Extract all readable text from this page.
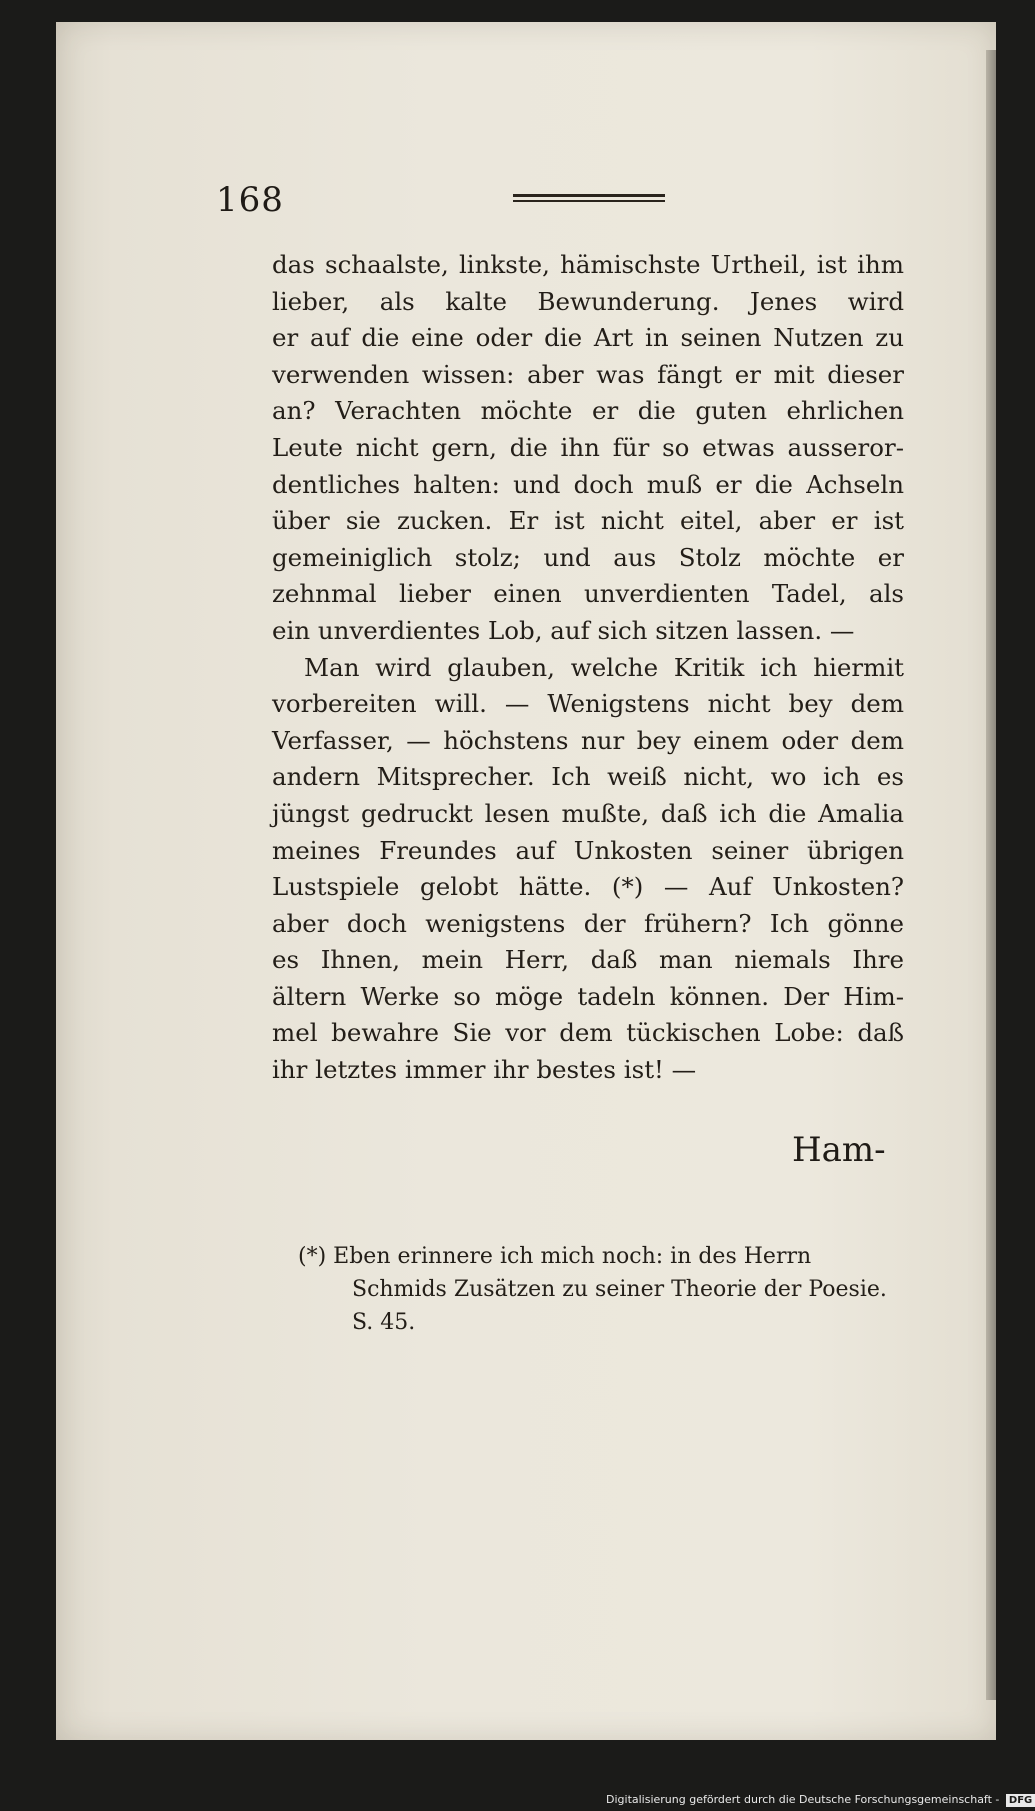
168
das schaalste, linkste, hämischste Urtheil, ist ihm
lieber, als kalte Bewunderung. Jenes wird
er auf die eine oder die Art in seinen Nutzen zu
verwenden wissen: aber was fängt er mit dieser
an? Verachten möchte er die guten ehrlichen
Leute nicht gern, die ihn für so etwas ausseror-
dentliches halten: und doch muß er die Achseln
über sie zucken. Er ist nicht eitel, aber er ist
gemeiniglich stolz; und aus Stolz möchte er
zehnmal lieber einen unverdienten Tadel, als
ein unverdientes Lob, auf sich sitzen lassen. —
Man wird glauben, welche Kritik ich hiermit
vorbereiten will. — Wenigstens nicht bey dem
Verfasser, — höchstens nur bey einem oder dem
andern Mitsprecher. Ich weiß nicht, wo ich es
jüngst gedruckt lesen mußte, daß ich die Amalia
meines Freundes auf Unkosten seiner übrigen
Lustspiele gelobt hätte. (*) — Auf Unkosten?
aber doch wenigstens der frühern? Ich gönne
es Ihnen, mein Herr, daß man niemals Ihre
ältern Werke so möge tadeln können. Der Him-
mel bewahre Sie vor dem tückischen Lobe: daß
ihr letztes immer ihr bestes ist! —
Ham-
(*) Eben erinnere ich mich noch: in des Herrn
Schmids Zusätzen zu seiner Theorie der Poesie.
S. 45.
Digitalisierung gefördert durch die Deutsche Forschungsgemeinschaft - DFG
